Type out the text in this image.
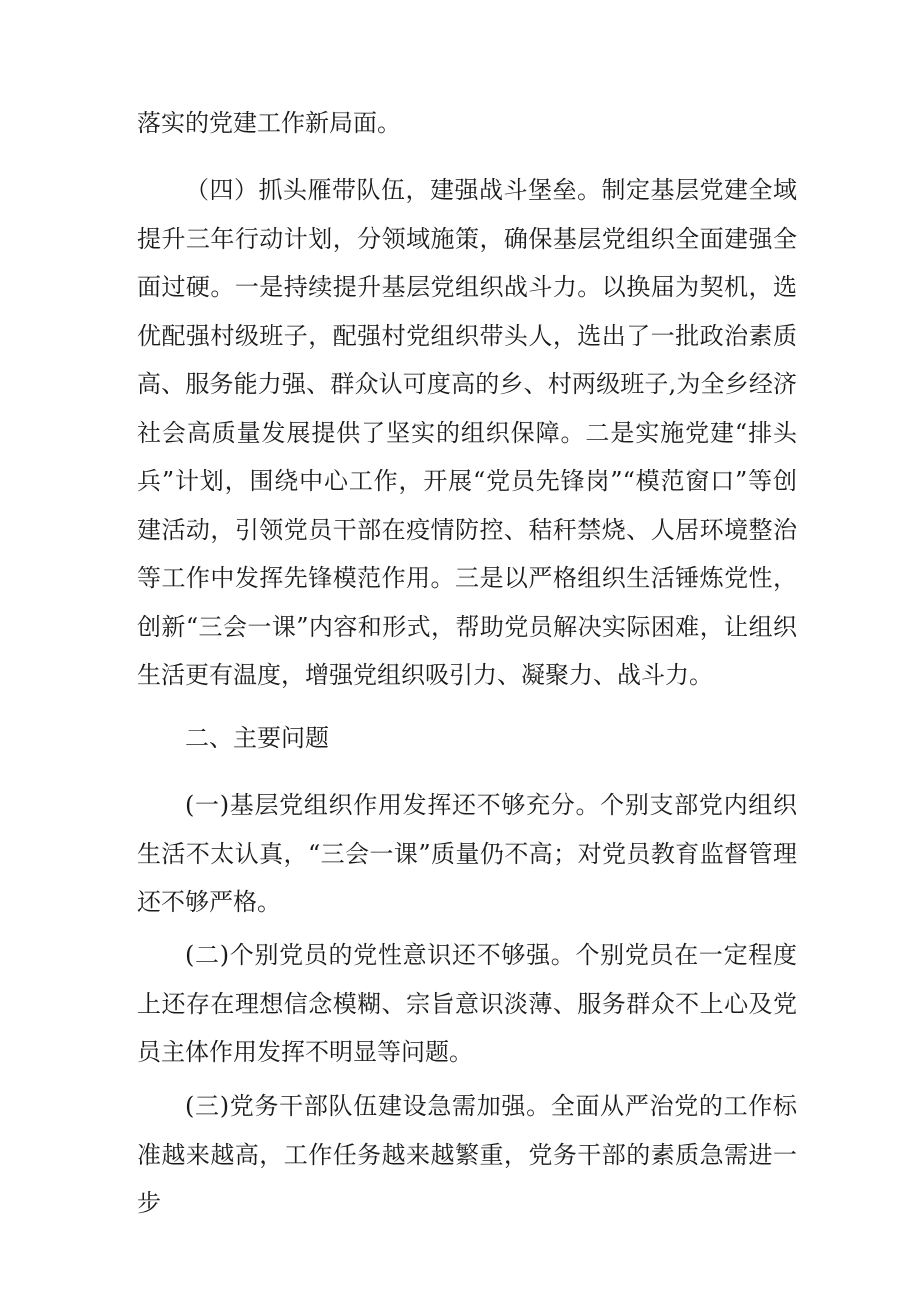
落实的党建工作新局面。

（四）抓头雁带队伍，建强战斗堡垒。制定基层党建全域提升三年行动计划，分领域施策，确保基层党组织全面建强全面过硬。一是持续提升基层党组织战斗力。以换届为契机，选优配强村级班子，配强村党组织带头人，选出了一批政治素质高、服务能力强、群众认可度高的乡、村两级班子,为全乡经济社会高质量发展提供了坚实的组织保障。二是实施党建“排头兵”计划，围绕中心工作，开展“党员先锋岗”“模范窗口”等创建活动，引领党员干部在疫情防控、秸秆禁烧、人居环境整治等工作中发挥先锋模范作用。三是以严格组织生活锤炼党性，创新“三会一课”内容和形式，帮助党员解决实际困难，让组织生活更有温度，增强党组织吸引力、凝聚力、战斗力。

二、主要问题

(一)基层党组织作用发挥还不够充分。个别支部党内组织生活不太认真，“三会一课”质量仍不高；对党员教育监督管理还不够严格。

(二)个别党员的党性意识还不够强。个别党员在一定程度上还存在理想信念模糊、宗旨意识淡薄、服务群众不上心及党员主体作用发挥不明显等问题。

(三)党务干部队伍建设急需加强。全面从严治党的工作标准越来越高，工作任务越来越繁重，党务干部的素质急需进一步
